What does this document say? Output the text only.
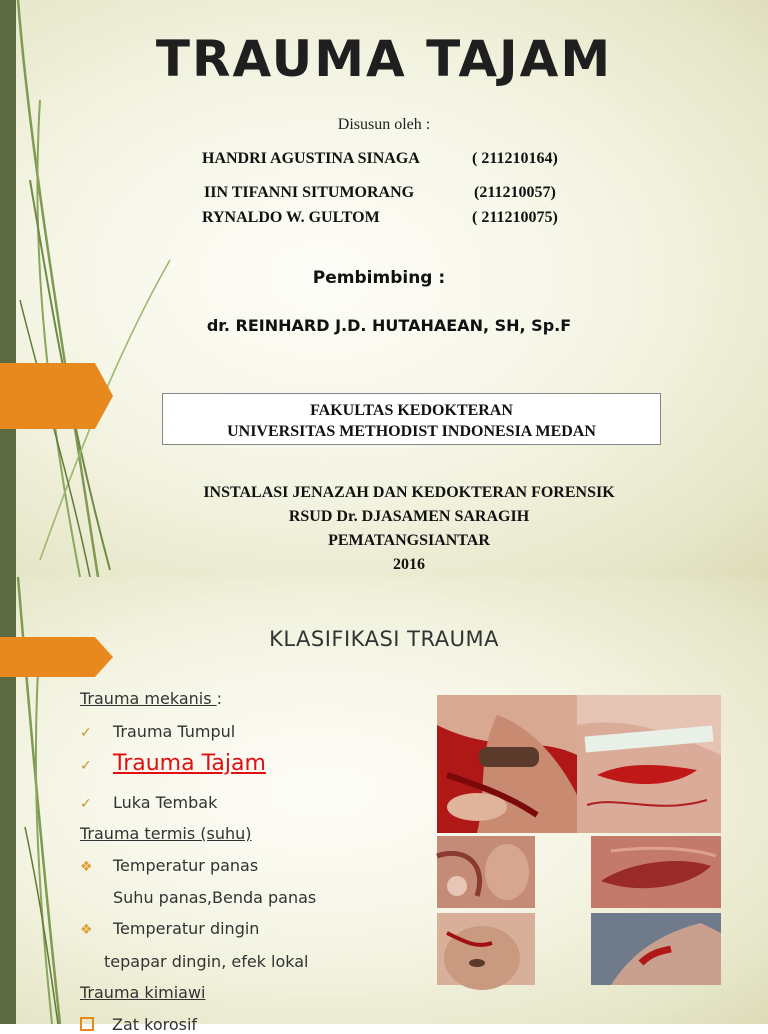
TRAUMA TAJAM
Disusun oleh :
HANDRI AGUSTINA SINAGA	( 211210164)
IIN TIFANNI SITUMORANG	(211210057)
RYNALDO W. GULTOM	( 211210075)
Pembimbing :
dr. REINHARD J.D. HUTAHAEAN, SH, Sp.F
FAKULTAS KEDOKTERAN
UNIVERSITAS METHODIST INDONESIA MEDAN
INSTALASI JENAZAH DAN KEDOKTERAN FORENSIK
RSUD Dr. DJASAMEN SARAGIH
PEMATANGSIANTAR
2016
KLASIFIKASI TRAUMA
Trauma mekanis :
✓ Trauma Tumpul
✓ Trauma Tajam
✓ Luka Tembak
Trauma termis (suhu)
❖ Temperatur panas
Suhu panas,Benda panas
❖ Temperatur dingin
tepapar dingin, efek lokal
Trauma kimiawi
Zat korosif
